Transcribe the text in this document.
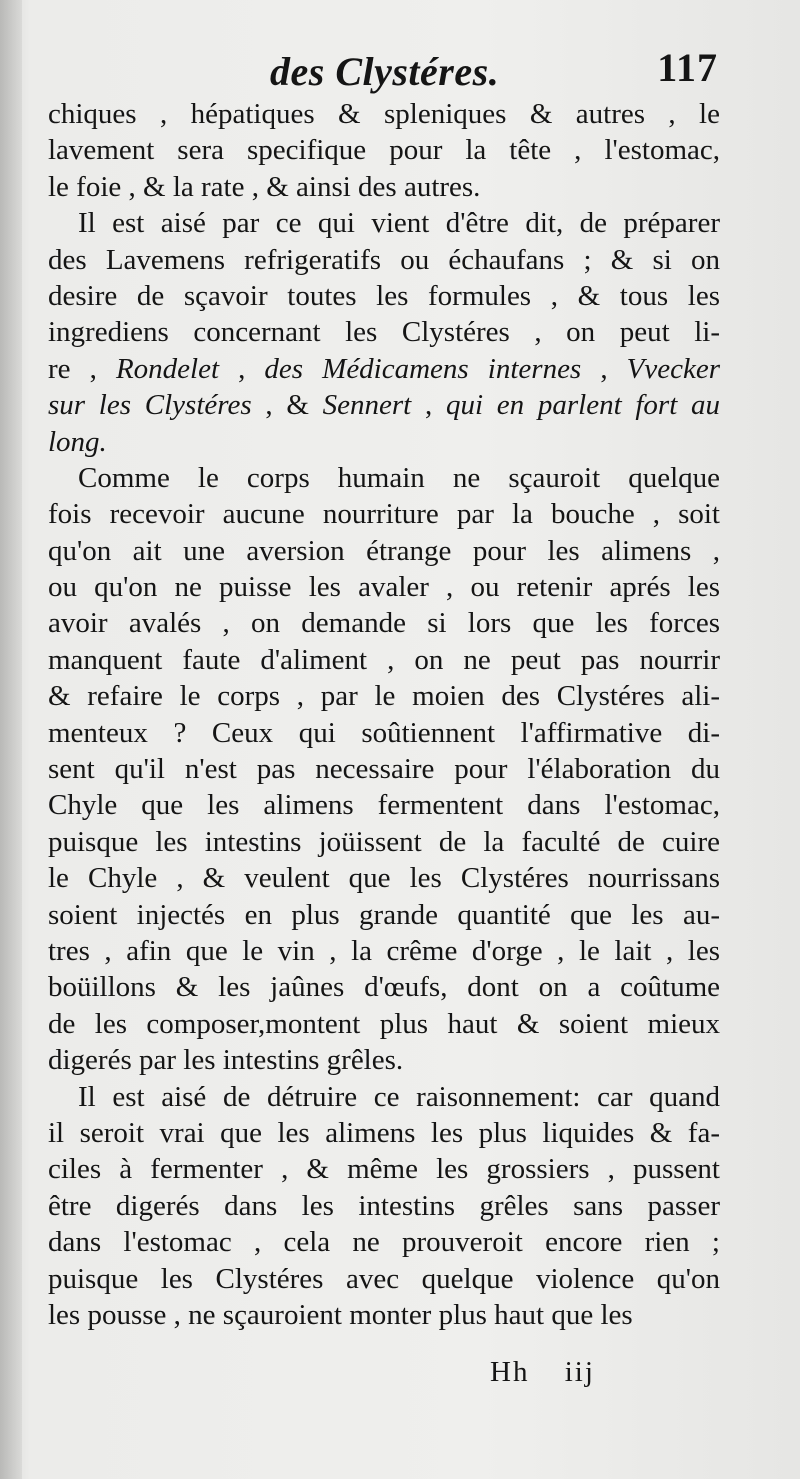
des Clystéres.	117
chiques , hépatiques & spleniques & autres , le
lavement sera specifique pour la tête , l'estomac,
le foie , & la rate , & ainsi des autres.
Il est aisé par ce qui vient d'être dit, de préparer
des Lavemens refrigeratifs ou échaufans ; & si on
desire de sçavoir toutes les formules , & tous les
ingrediens concernant les Clystéres , on peut li-
re , Rondelet , des Médicamens internes , Vvecker
sur les Clystéres , & Sennert , qui en parlent fort au
long.
Comme le corps humain ne sçauroit quelque
fois recevoir aucune nourriture par la bouche , soit
qu'on ait une aversion étrange pour les alimens ,
ou qu'on ne puisse les avaler , ou retenir aprés les
avoir avalés , on demande si lors que les forces
manquent faute d'aliment , on ne peut pas nourrir
& refaire le corps , par le moien des Clystéres ali-
menteux ? Ceux qui soûtiennent l'affirmative di-
sent qu'il n'est pas necessaire pour l'élaboration du
Chyle que les alimens fermentent dans l'estomac,
puisque les intestins joüissent de la faculté de cuire
le Chyle , & veulent que les Clystéres nourrissans
soient injectés en plus grande quantité que les au-
tres , afin que le vin , la crême d'orge , le lait , les
boüillons & les jaûnes d'œufs, dont on a coûtume
de les composer,montent plus haut & soient mieux
digerés par les intestins grêles.
Il est aisé de détruire ce raisonnement: car quand
il seroit vrai que les alimens les plus liquides & fa-
ciles à fermenter , & même les grossiers , pussent
être digerés dans les intestins grêles sans passer
dans l'estomac , cela ne prouveroit encore rien ;
puisque les Clystéres avec quelque violence qu'on
les pousse , ne sçauroient monter plus haut que les
Hh iij
